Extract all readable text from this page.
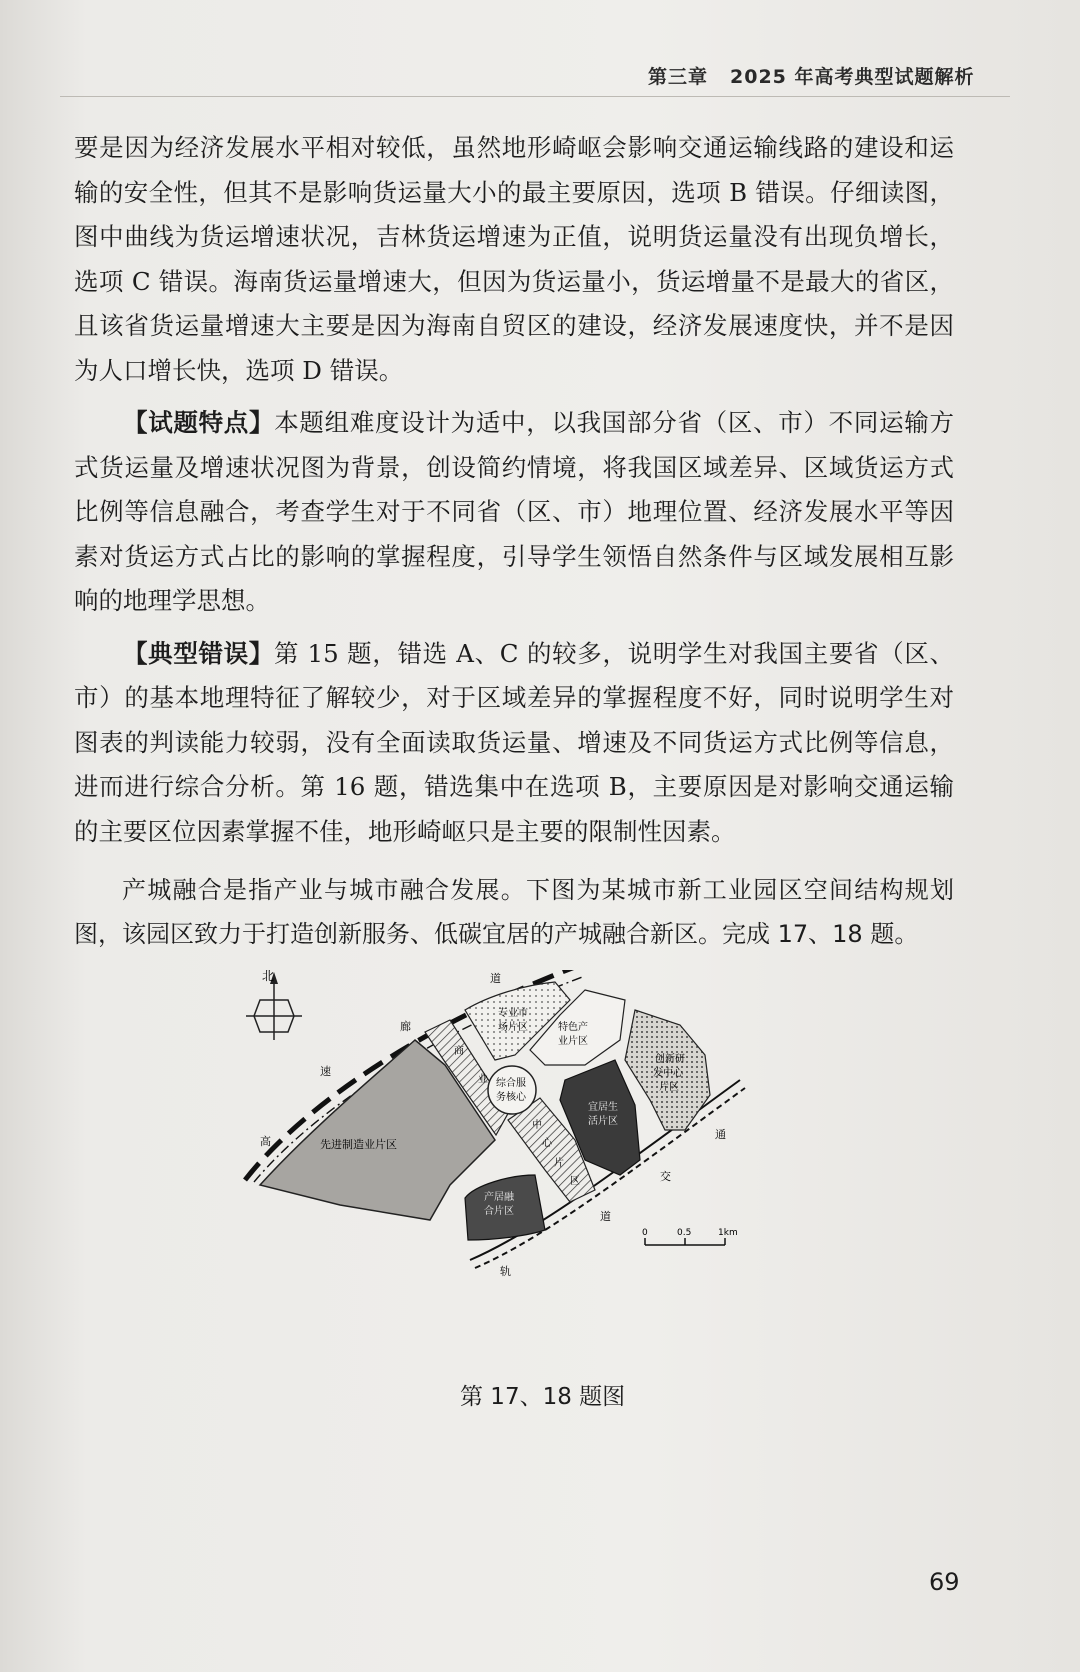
第三章 2025 年高考典型试题解析

要是因为经济发展水平相对较低，虽然地形崎岖会影响交通运输线路的建设和运输的安全性，但其不是影响货运量大小的最主要原因，选项 B 错误。仔细读图，图中曲线为货运增速状况，吉林货运增速为正值，说明货运量没有出现负增长，选项 C 错误。海南货运量增速大，但因为货运量小，货运增量不是最大的省区，且该省货运量增速大主要是因为海南自贸区的建设，经济发展速度快，并不是因为人口增长快，选项 D 错误。

【试题特点】本题组难度设计为适中，以我国部分省（区、市）不同运输方式货运量及增速状况图为背景，创设简约情境，将我国区域差异、区域货运方式比例等信息融合，考查学生对于不同省（区、市）地理位置、经济发展水平等因素对货运方式占比的影响的掌握程度，引导学生领悟自然条件与区域发展相互影响的地理学思想。

【典型错误】第 15 题，错选 A、C 的较多，说明学生对我国主要省（区、市）的基本地理特征了解较少，对于区域差异的掌握程度不好，同时说明学生对图表的判读能力较弱，没有全面读取货运量、增速及不同货运方式比例等信息，进而进行综合分析。第 16 题，错选集中在选项 B，主要原因是对影响交通运输的主要区位因素掌握不佳，地形崎岖只是主要的限制性因素。

产城融合是指产业与城市融合发展。下图为某城市新工业园区空间结构规划图，该园区致力于打造创新服务、低碳宜居的产城融合新区。完成 17、18 题。

北
先进制造业片区
商
业
专业市
场片区	特色产
业片区
创新研
发中心
片区
中
心
片
区
综合服
务核心
宜居生
活片区
产居融
合片区
道
廊
速
高
轨
道
交
通
0	0.5	1km
第 17、18 题图
69
